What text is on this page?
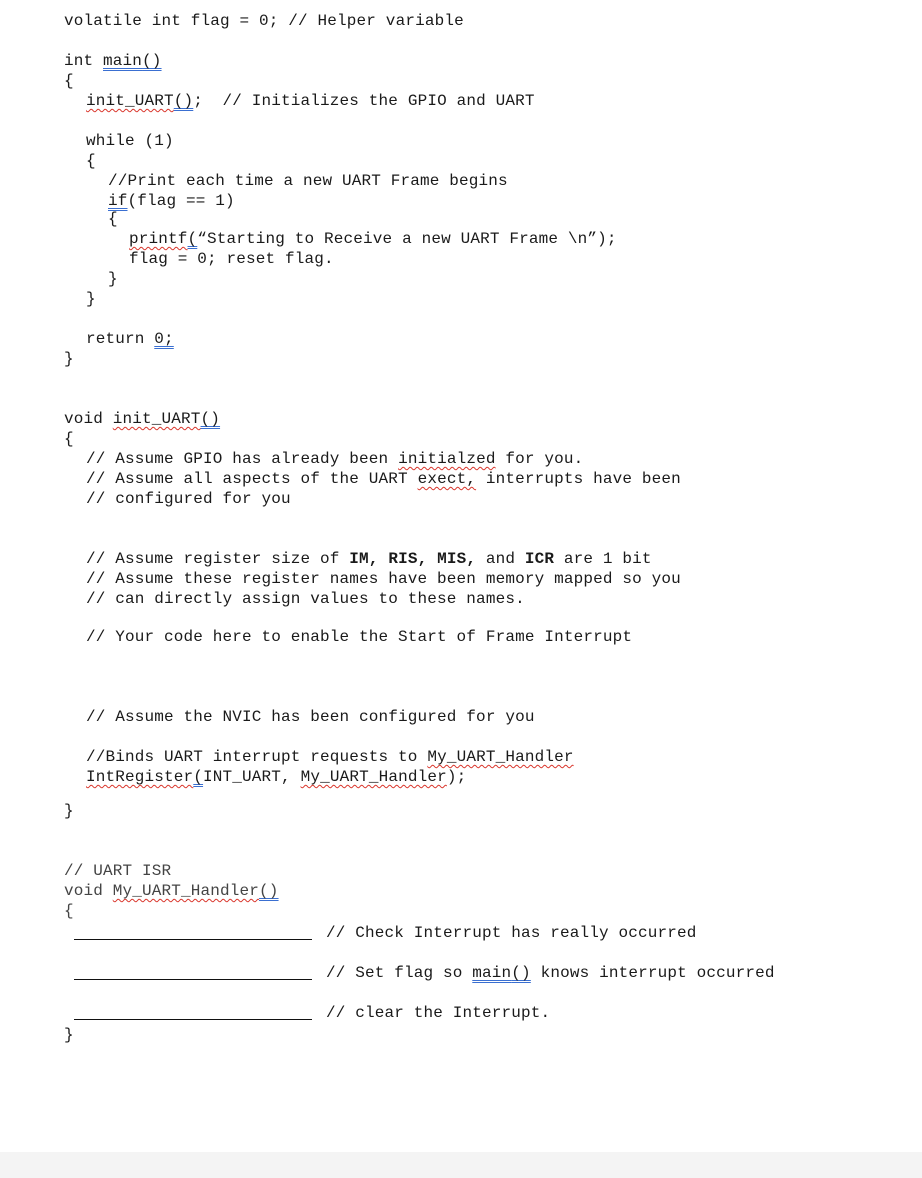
volatile int flag = 0; // Helper variable
int main()
{
init_UART();  // Initializes the GPIO and UART
while (1)
{
//Print each time a new UART Frame begins
if(flag == 1)
{
printf(“Starting to Receive a new UART Frame \n”);
flag = 0; reset flag.
}
}
return 0;
}
void init_UART()
{
// Assume GPIO has already been initialzed for you.
// Assume all aspects of the UART exect, interrupts have been
// configured for you
// Assume register size of IM, RIS, MIS, and ICR are 1 bit
// Assume these register names have been memory mapped so you
// can directly assign values to these names.
// Your code here to enable the Start of Frame Interrupt
// Assume the NVIC has been configured for you
//Binds UART interrupt requests to My_UART_Handler
IntRegister(INT_UART, My_UART_Handler);
}
// UART ISR
void My_UART_Handler()
{
// Check Interrupt has really occurred
// Set flag so main() knows interrupt occurred
// clear the Interrupt.
}
